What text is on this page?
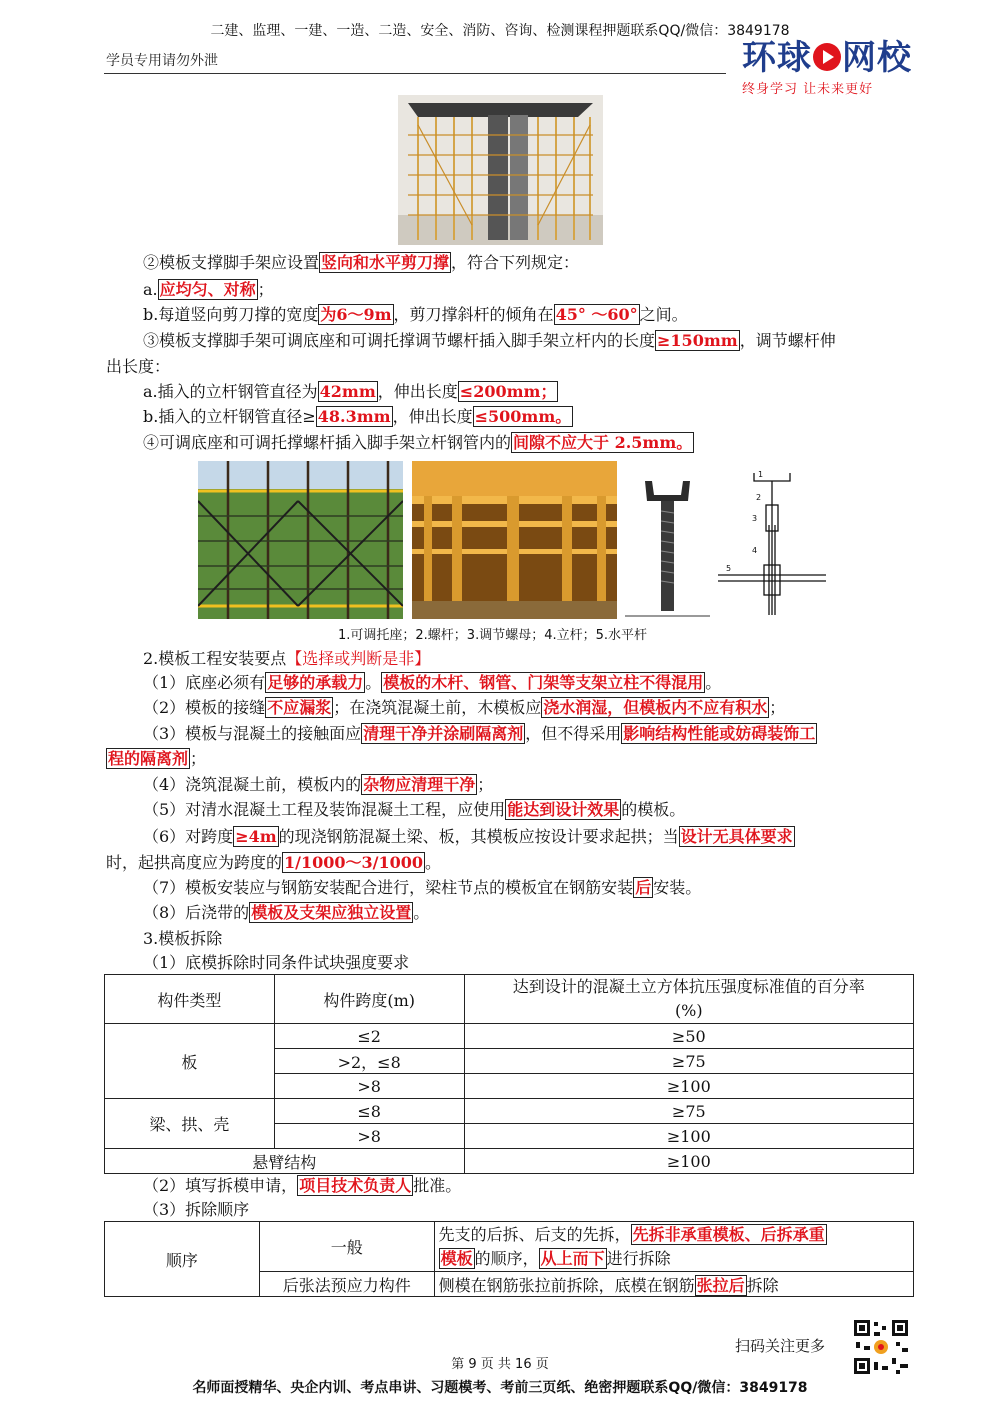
二建、监理、一建、一造、二造、安全、消防、咨询、检测课程押题联系QQ/微信：3849178
学员专用请勿外泄	环球 网校
终身学习 让未来更好
②模板支撑脚手架应设置 竖向和水平剪刀撑 ，符合下列规定：
a. 应均匀、对称 ；
b.每道竖向剪刀撑的宽度 为6～9m ，剪刀撑斜杆的倾角在 45° ～60° 之间。
③模板支撑脚手架可调底座和可调托撑调节螺杆插入脚手架立杆内的长度 ≥150mm ，调节螺杆伸
出长度：
a.插入的立杆钢管直径为 42mm ，伸出长度 ≤200mm；
b.插入的立杆钢管直径≥ 48.3mm ，伸出长度 ≤500mm。
④可调底座和可调托撑螺杆插入脚手架立杆钢管内的 间隙不应大于 2.5mm。
1
2
3
4
5
1.可调托座；2.螺杆；3.调节螺母；4.立杆；5.水平杆
2.模板工程安装要点【选择或判断是非】
（1）底座必须有 足够的承载力 。 模板的木杆、钢管、门架等支架立柱不得混用 。
（2）模板的接缝 不应漏浆 ；在浇筑混凝土前，木模板应 浇水润湿，但模板内不应有积水 ；
（3）模板与混凝土的接触面应 清理干净并涂刷隔离剂 ，但不得采用 影响结构性能或妨碍装饰工
程的隔离剂 ；
（4）浇筑混凝土前，模板内的 杂物应清理干净 ；
（5）对清水混凝土工程及装饰混凝土工程，应使用 能达到设计效果 的模板。
（6）对跨度 ≥4m 的现浇钢筋混凝土梁、板，其模板应按设计要求起拱；当 设计无具体要求
时，起拱高度应为跨度的 1/1000～3/1000 。
（7）模板安装应与钢筋安装配合进行，梁柱节点的模板宜在钢筋安装 后 安装。
（8）后浇带的 模板及支架应独立设置 。
3.模板拆除
（1）底模拆除时同条件试块强度要求
构件类型	构件跨度(m)	达到设计的混凝土立方体抗压强度标准值的百分率
(%)

板	≤2	≥50
	>2，≤8	≥75
	>8	≥100
梁、拱、壳	≤8	≥75
	>8	≥100
悬臂结构		≥100
（2）填写拆模申请， 项目技术负责人 批准。
（3）拆除顺序
顺序	一般	先支的后拆、后支的先拆， 先拆非承重模板、后拆承重
模板 的顺序， 从上而下 进行拆除

	后张法预应力构件	侧模在钢筋张拉前拆除，底模在钢筋 张拉后 拆除
扫码关注更多
第 9 页 共 16 页
名师面授精华、央企内训、考点串讲、习题模考、考前三页纸、绝密押题联系QQ/微信：3849178
